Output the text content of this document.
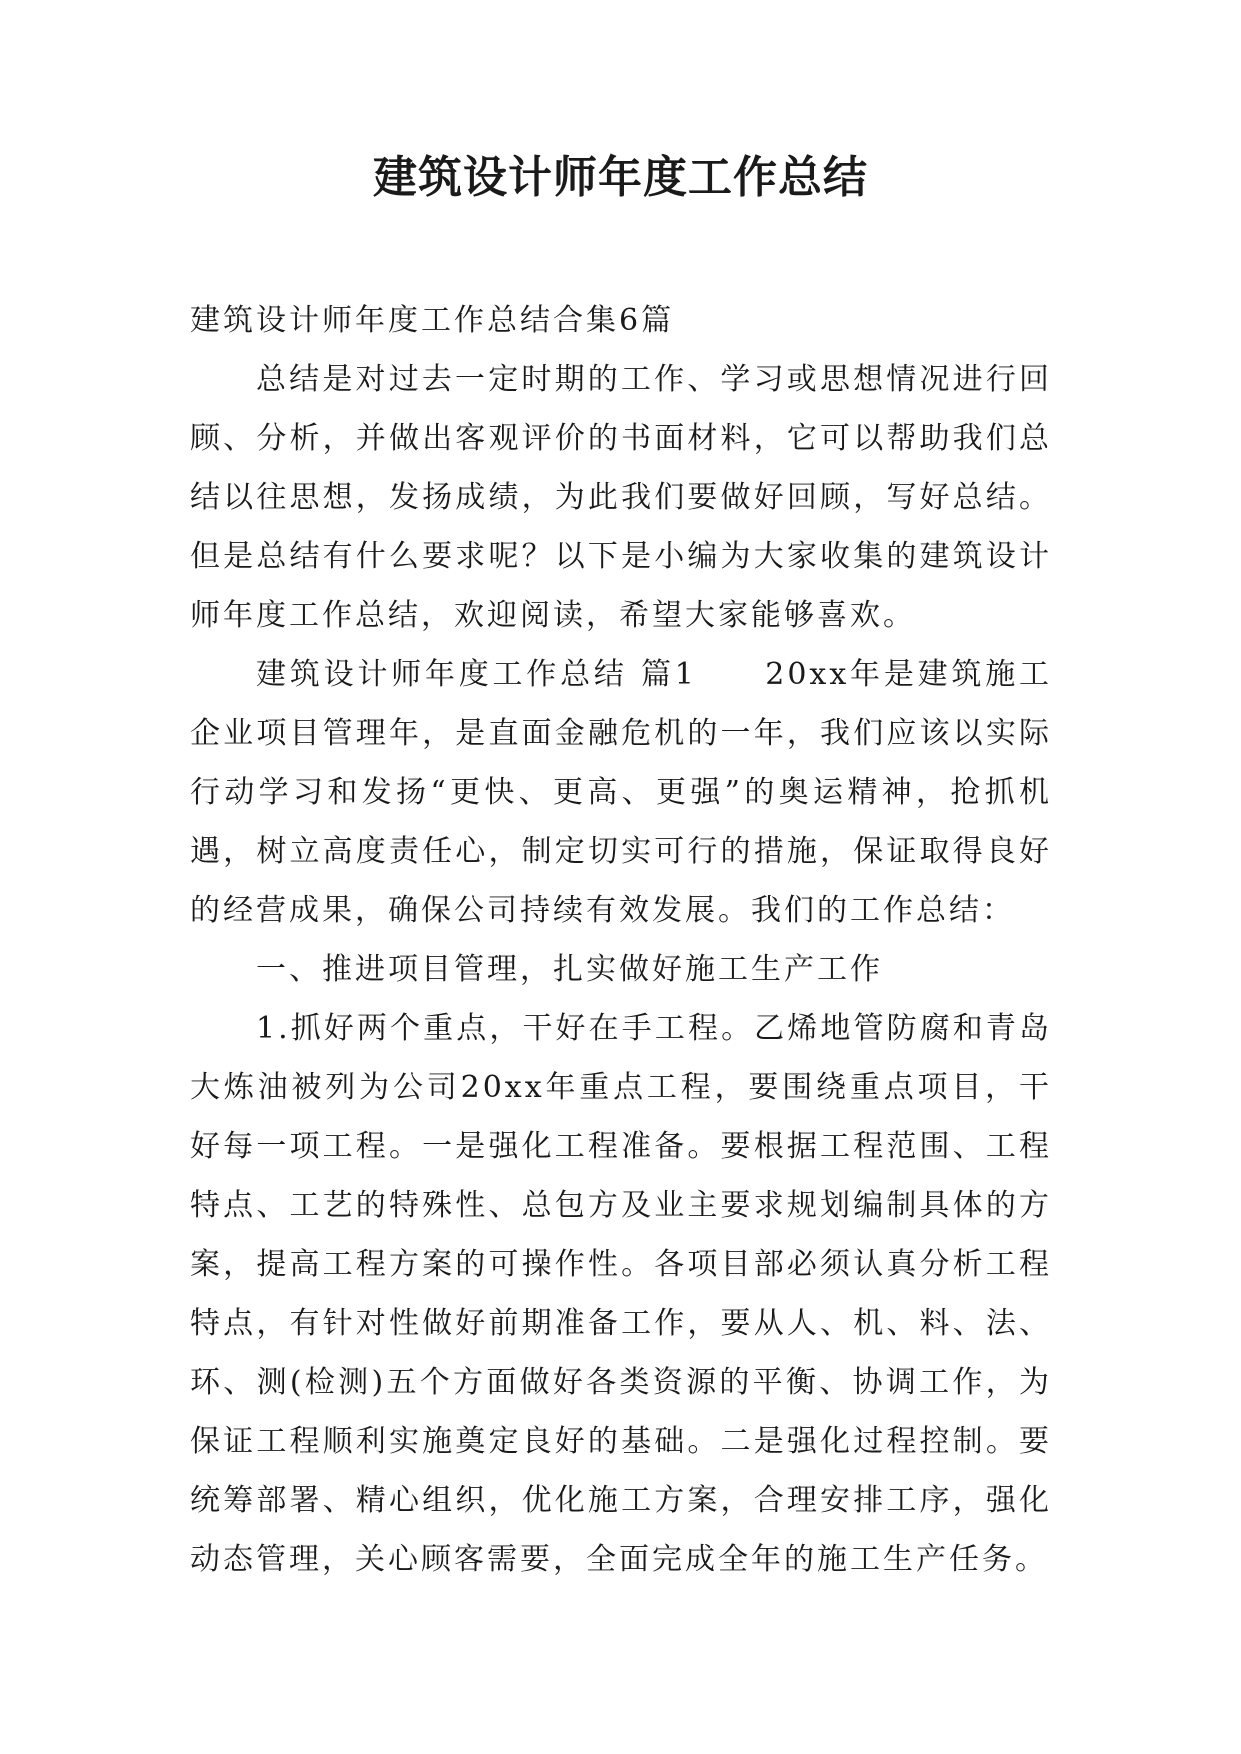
建筑设计师年度工作总结

建筑设计师年度工作总结合集6篇

总结是对过去一定时期的工作、学习或思想情况进行回顾、分析，并做出客观评价的书面材料，它可以帮助我们总结以往思想，发扬成绩，为此我们要做好回顾，写好总结。但是总结有什么要求呢？以下是小编为大家收集的建筑设计师年度工作总结，欢迎阅读，希望大家能够喜欢。

建筑设计师年度工作总结 篇1　　20xx年是建筑施工企业项目管理年，是直面金融危机的一年，我们应该以实际行动学习和发扬“更快、更高、更强”的奥运精神，抢抓机遇，树立高度责任心，制定切实可行的措施，保证取得良好的经营成果，确保公司持续有效发展。我们的工作总结：

一、推进项目管理，扎实做好施工生产工作

1.抓好两个重点，干好在手工程。乙烯地管防腐和青岛大炼油被列为公司20xx年重点工程，要围绕重点项目，干好每一项工程。一是强化工程准备。要根据工程范围、工程特点、工艺的特殊性、总包方及业主要求规划编制具体的方案，提高工程方案的可操作性。各项目部必须认真分析工程特点，有针对性做好前期准备工作，要从人、机、料、法、环、测(检测)五个方面做好各类资源的平衡、协调工作，为保证工程顺利实施奠定良好的基础。二是强化过程控制。要统筹部署、精心组织，优化施工方案，合理安排工序，强化动态管理，关心顾客需要，全面完成全年的施工生产任务。
